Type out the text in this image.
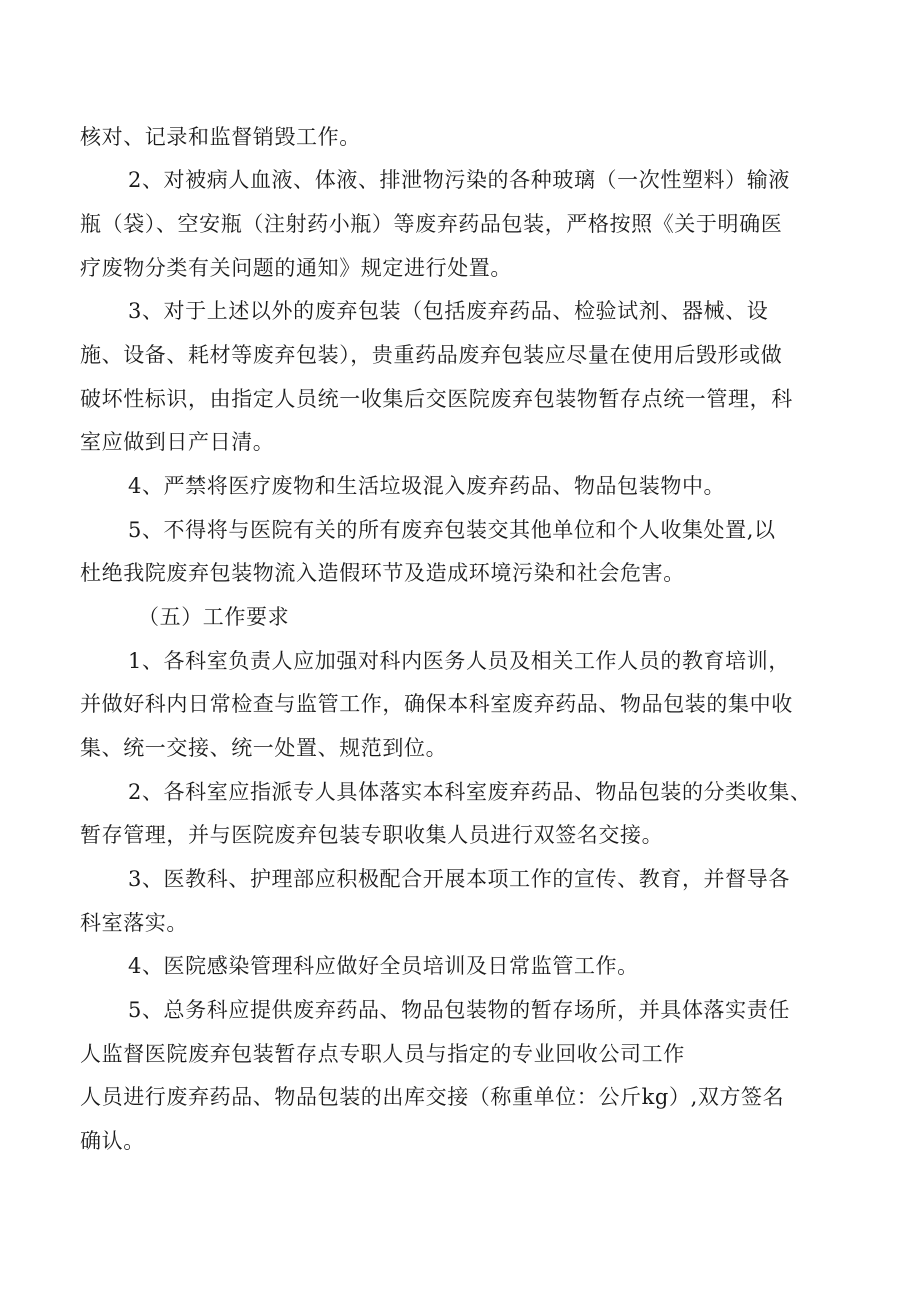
核对、记录和监督销毁工作。
2、对被病人血液、体液、排泄物污染的各种玻璃（一次性塑料）输液
瓶（袋）、空安瓶（注射药小瓶）等废弃药品包装，严格按照《关于明确医
疗废物分类有关问题的通知》规定进行处置。
3、对于上述以外的废弃包装（包括废弃药品、检验试剂、器械、设
施、设备、耗材等废弃包装），贵重药品废弃包装应尽量在使用后毁形或做
破坏性标识，由指定人员统一收集后交医院废弃包装物暂存点统一管理，科
室应做到日产日清。
4、严禁将医疗废物和生活垃圾混入废弃药品、物品包装物中。
5、不得将与医院有关的所有废弃包装交其他单位和个人收集处置,以
杜绝我院废弃包装物流入造假环节及造成环境污染和社会危害。
（五）工作要求
1、各科室负责人应加强对科内医务人员及相关工作人员的教育培训，
并做好科内日常检查与监管工作，确保本科室废弃药品、物品包装的集中收
集、统一交接、统一处置、规范到位。
2、各科室应指派专人具体落实本科室废弃药品、物品包装的分类收集、
暂存管理，并与医院废弃包装专职收集人员进行双签名交接。
3、医教科、护理部应积极配合开展本项工作的宣传、教育，并督导各
科室落实。
4、医院感染管理科应做好全员培训及日常监管工作。
5、总务科应提供废弃药品、物品包装物的暂存场所，并具体落实责任
人监督医院废弃包装暂存点专职人员与指定的专业回收公司工作
人员进行废弃药品、物品包装的出库交接（称重单位：公斤kg）,双方签名
确认。
